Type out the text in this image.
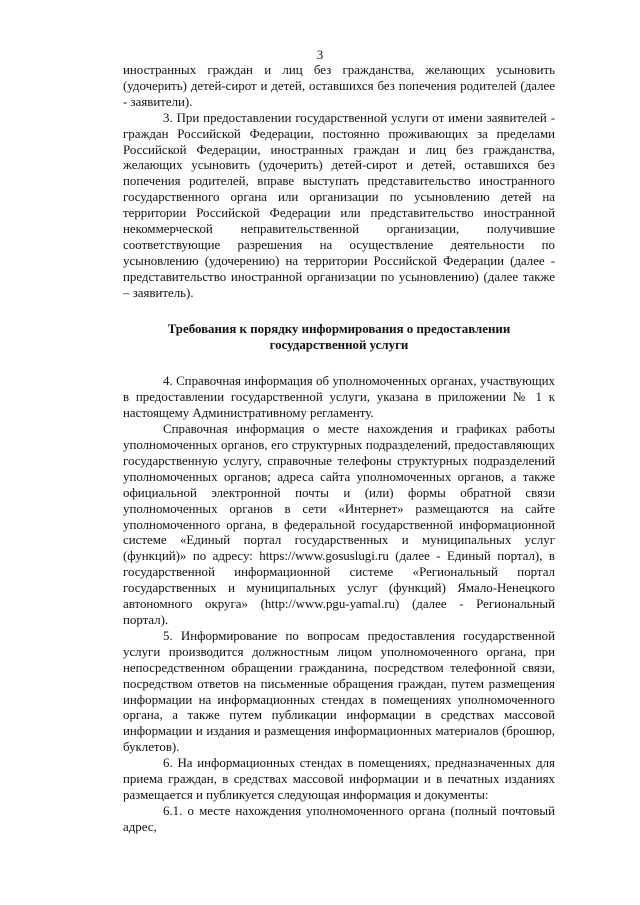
3

иностранных граждан и лиц без гражданства, желающих усыновить (удочерить) детей-сирот и детей, оставшихся без попечения родителей (далее - заявители).

3. При предоставлении государственной услуги от имени заявителей - граждан Российской Федерации, постоянно проживающих за пределами Российской Федерации, иностранных граждан и лиц без гражданства, желающих усыновить (удочерить) детей-сирот и детей, оставшихся без попечения родителей, вправе выступать представительство иностранного государственного органа или организации по усыновлению детей на территории Российской Федерации или представительство иностранной некоммерческой неправительственной организации, получившие соответствующие разрешения на осуществление деятельности по усыновлению (удочерению) на территории Российской Федерации (далее - представительство иностранной организации по усыновлению) (далее также – заявитель).

Требования к порядку информирования о предоставлении государственной услуги

4. Справочная информация об уполномоченных органах, участвующих в предоставлении государственной услуги, указана в приложении № 1 к настоящему Административному регламенту.

Справочная информация о месте нахождения и графиках работы уполномоченных органов, его структурных подразделений, предоставляющих государственную услугу, справочные телефоны структурных подразделений уполномоченных органов; адреса сайта уполномоченных органов, а также официальной электронной почты и (или) формы обратной связи уполномоченных органов в сети «Интернет» размещаются на сайте уполномоченного органа, в федеральной государственной информационной системе «Единый портал государственных и муниципальных услуг (функций)» по адресу: https://www.gosuslugi.ru (далее - Единый портал), в государственной информационной системе «Региональный портал государственных и муниципальных услуг (функций) Ямало-Ненецкого автономного округа» (http://www.pgu-yamal.ru) (далее - Региональный портал).

5. Информирование по вопросам предоставления государственной услуги производится должностным лицом уполномоченного органа, при непосредственном обращении гражданина, посредством телефонной связи, посредством ответов на письменные обращения граждан, путем размещения информации на информационных стендах в помещениях уполномоченного органа, а также путем публикации информации в средствах массовой информации и издания и размещения информационных материалов (брошюр, буклетов).

6. На информационных стендах в помещениях, предназначенных для приема граждан, в средствах массовой информации и в печатных изданиях размещается и публикуется следующая информация и документы:

6.1. о месте нахождения уполномоченного органа (полный почтовый адрес,
